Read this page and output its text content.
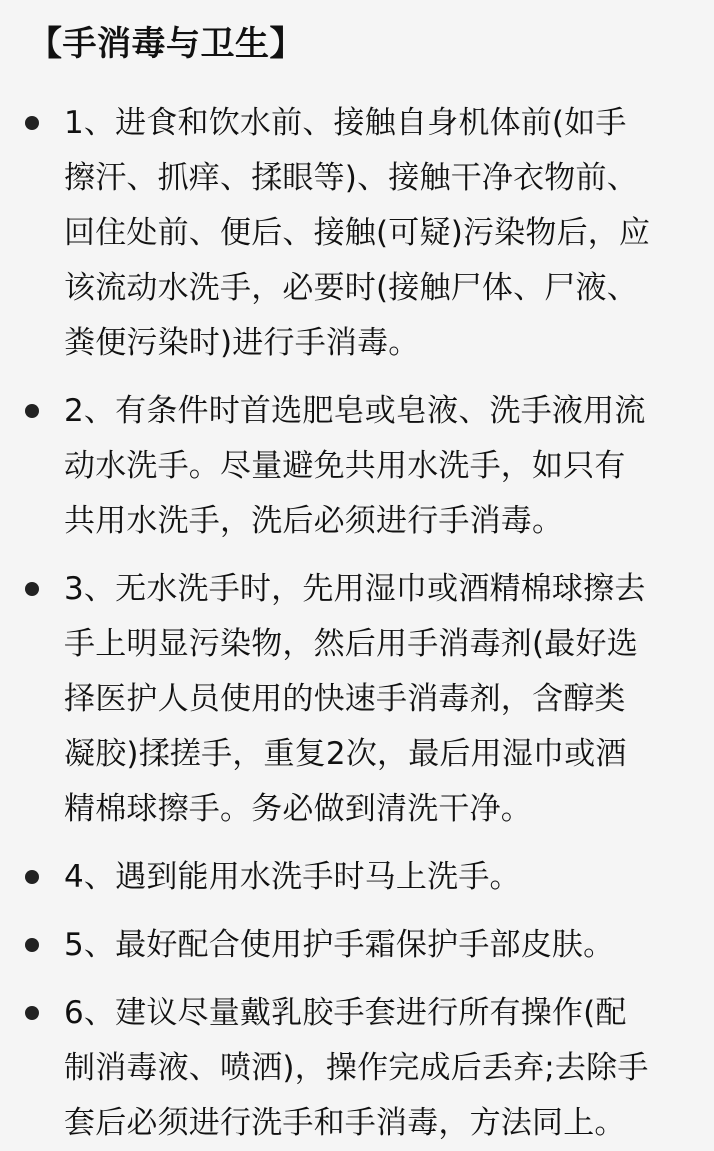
【手消毒与卫生】
1、进食和饮水前、接触自身机体前(如手
擦汗、抓痒、揉眼等)、接触干净衣物前、
回住处前、便后、接触(可疑)污染物后，应
该流动水洗手，必要时(接触尸体、尸液、
粪便污染时)进行手消毒。
2、有条件时首选肥皂或皂液、洗手液用流
动水洗手。尽量避免共用水洗手，如只有
共用水洗手，洗后必须进行手消毒。
3、无水洗手时，先用湿巾或酒精棉球擦去
手上明显污染物，然后用手消毒剂(最好选
择医护人员使用的快速手消毒剂，含醇类
凝胶)揉搓手，重复2次，最后用湿巾或酒
精棉球擦手。务必做到清洗干净。
4、遇到能用水洗手时马上洗手。
5、最好配合使用护手霜保护手部皮肤。
6、建议尽量戴乳胶手套进行所有操作(配
制消毒液、喷洒)，操作完成后丢弃;去除手
套后必须进行洗手和手消毒，方法同上。
